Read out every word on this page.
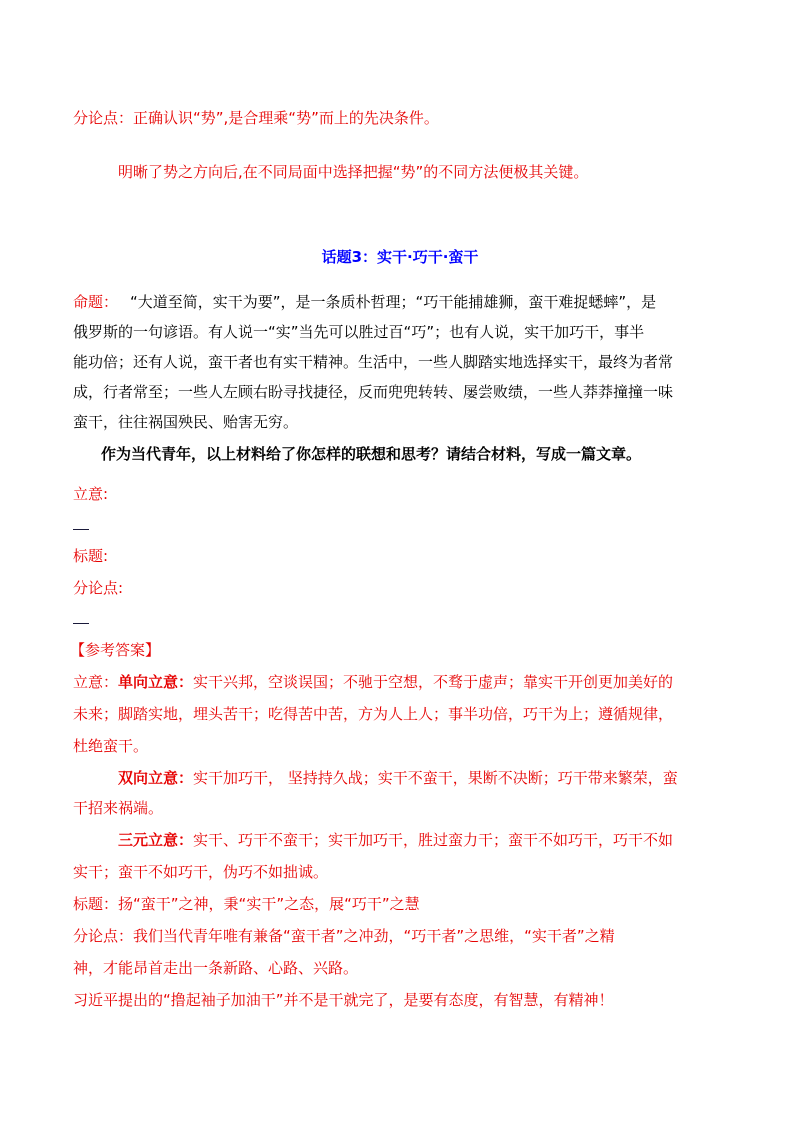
分论点：正确认识“势”,是合理乘“势”而上的先决条件。
明晰了势之方向后,在不同局面中选择把握“势”的不同方法便极其关键。
话题3：实干·巧干·蛮干
命题： “大道至简，实干为要”，是一条质朴哲理；“巧干能捕雄狮，蛮干难捉蟋蟀”，是
俄罗斯的一句谚语。有人说一“实”当先可以胜过百“巧”；也有人说，实干加巧干，事半
能功倍；还有人说，蛮干者也有实干精神。生活中，一些人脚踏实地选择实干，最终为者常
成，行者常至；一些人左顾右盼寻找捷径，反而兜兜转转、屡尝败绩，一些人莽莽撞撞一味
蛮干，往往祸国殃民、贻害无穷。
作为当代青年，以上材料给了你怎样的联想和思考？请结合材料，写成一篇文章。
立意:
标题:
分论点:
【参考答案】
立意：单向立意：实干兴邦，空谈误国；不驰于空想，不骛于虚声；靠实干开创更加美好的
未来；脚踏实地，埋头苦干；吃得苦中苦，方为人上人；事半功倍，巧干为上；遵循规律，
杜绝蛮干。
双向立意：实干加巧干， 坚持持久战；实干不蛮干，果断不决断；巧干带来繁荣，蛮
干招来祸端。
三元立意：实干、巧干不蛮干；实干加巧干，胜过蛮力干；蛮干不如巧干，巧干不如
实干；蛮干不如巧干，伪巧不如拙诚。
标题：扬“蛮干”之神，秉“实干”之态，展“巧干”之慧
分论点：我们当代青年唯有兼备“蛮干者”之冲劲，“巧干者”之思维，“实干者”之精
神，才能昂首走出一条新路、心路、兴路。
习近平提出的“撸起袖子加油干”并不是干就完了，是要有态度，有智慧，有精神！
